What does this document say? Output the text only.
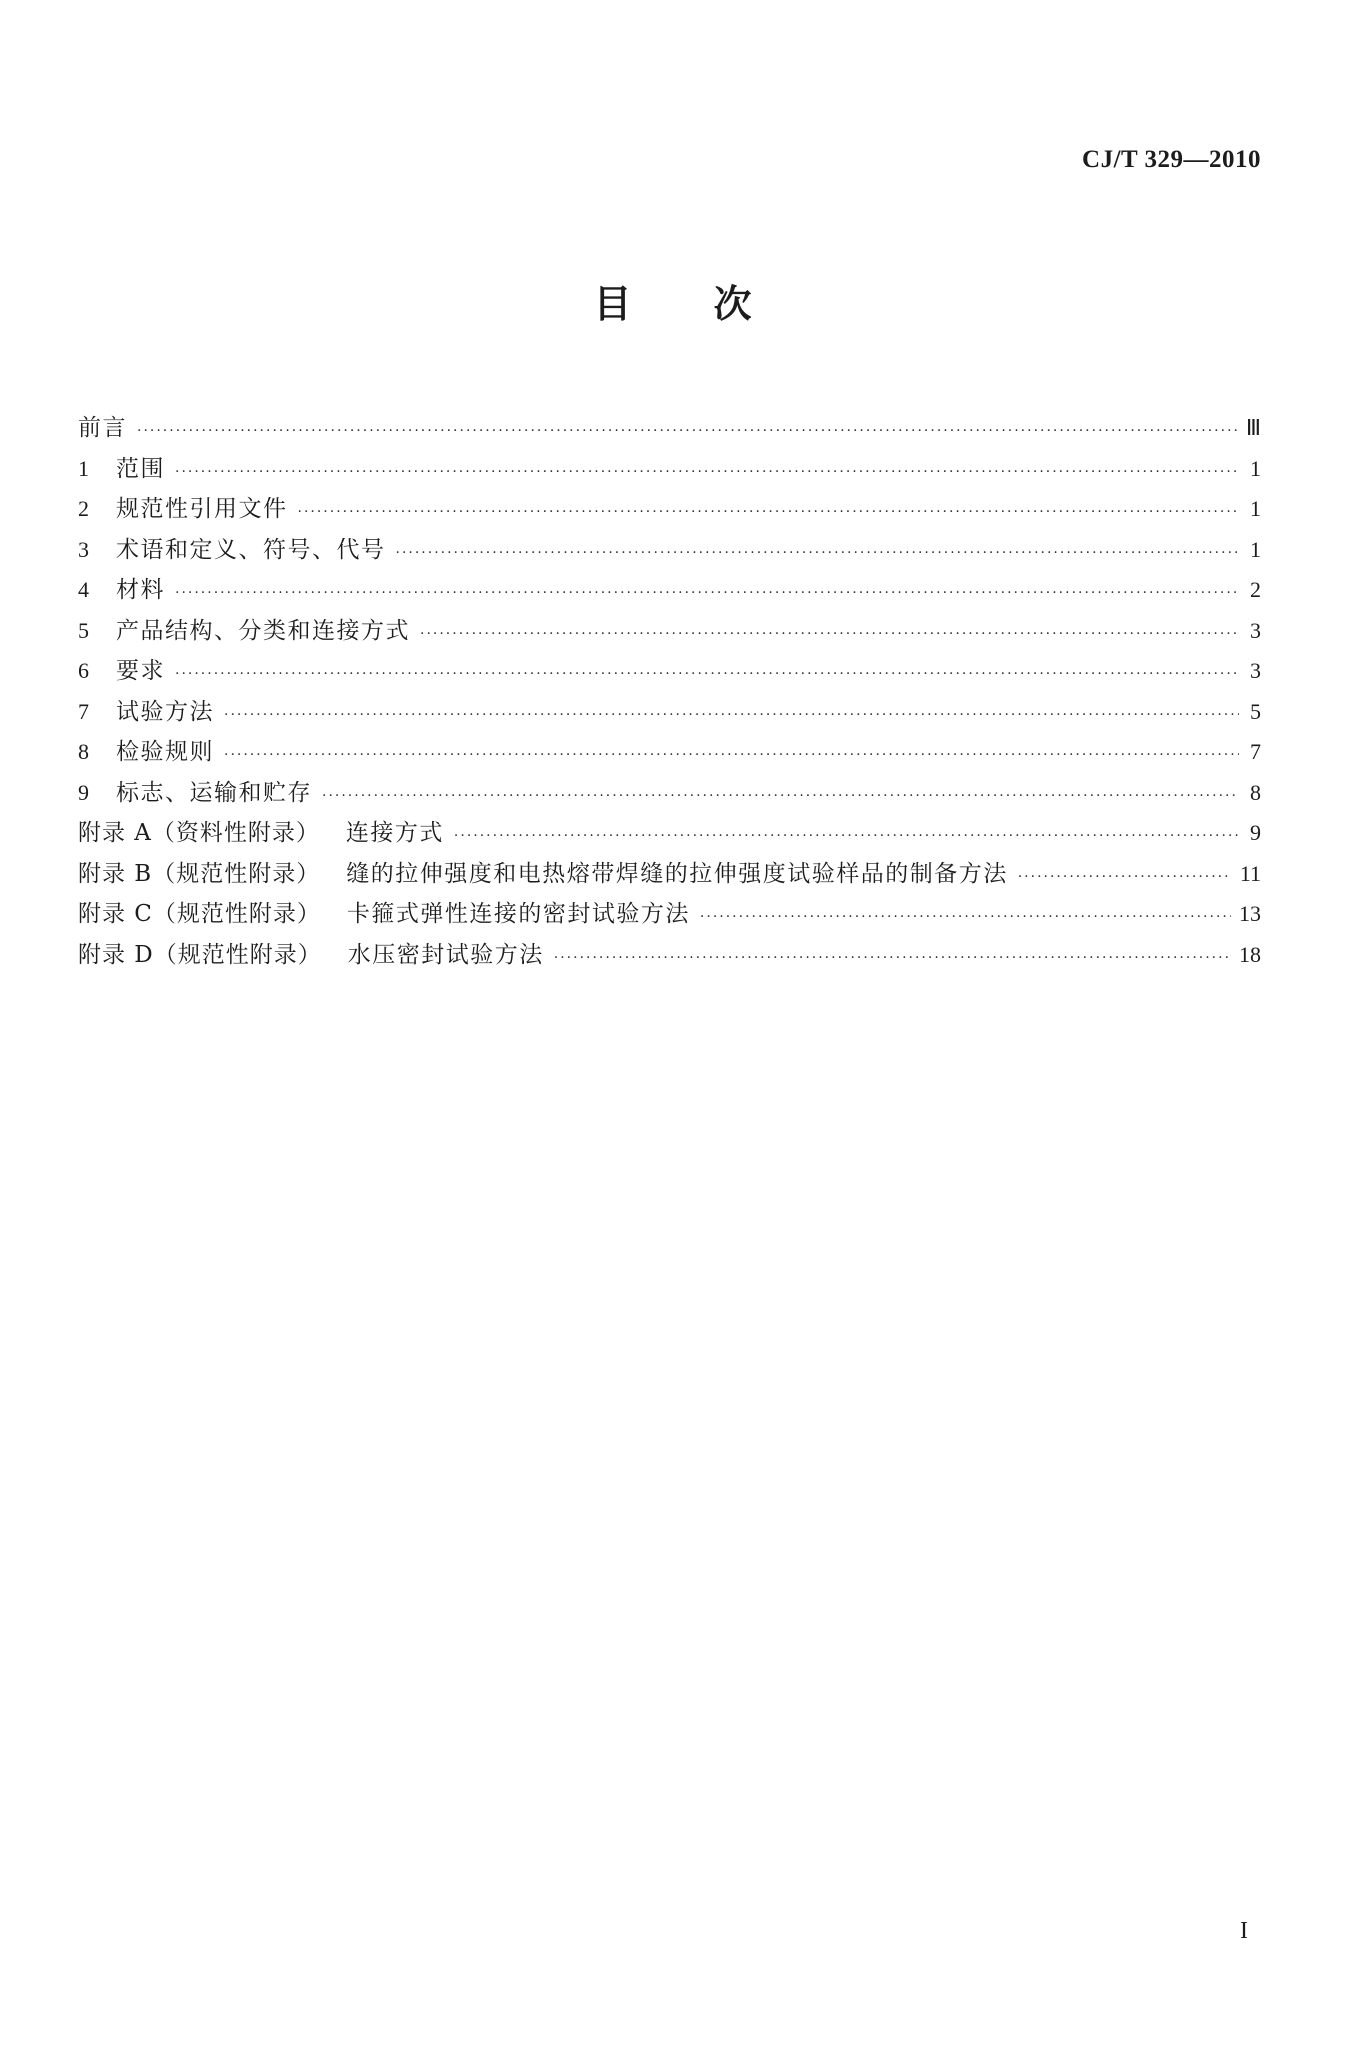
CJ/T 329—2010
目 次
前言 ·····	Ⅲ
1	范围 ·····	1
2	规范性引用文件 ·····	1
3	术语和定义、符号、代号 ·····	1
4	材料 ·····	2
5	产品结构、分类和连接方式 ·····	3
6	要求 ·····	3
7	试验方法 ·····	5
8	检验规则 ·····	7
9	标志、运输和贮存 ·····	8
附录 A（资料性附录） 连接方式 ·····	9
附录 B（规范性附录） 缝的拉伸强度和电热熔带焊缝的拉伸强度试验样品的制备方法 ·····	11
附录 C（规范性附录） 卡箍式弹性连接的密封试验方法 ·····	13
附录 D（规范性附录） 水压密封试验方法 ·····	18
I
